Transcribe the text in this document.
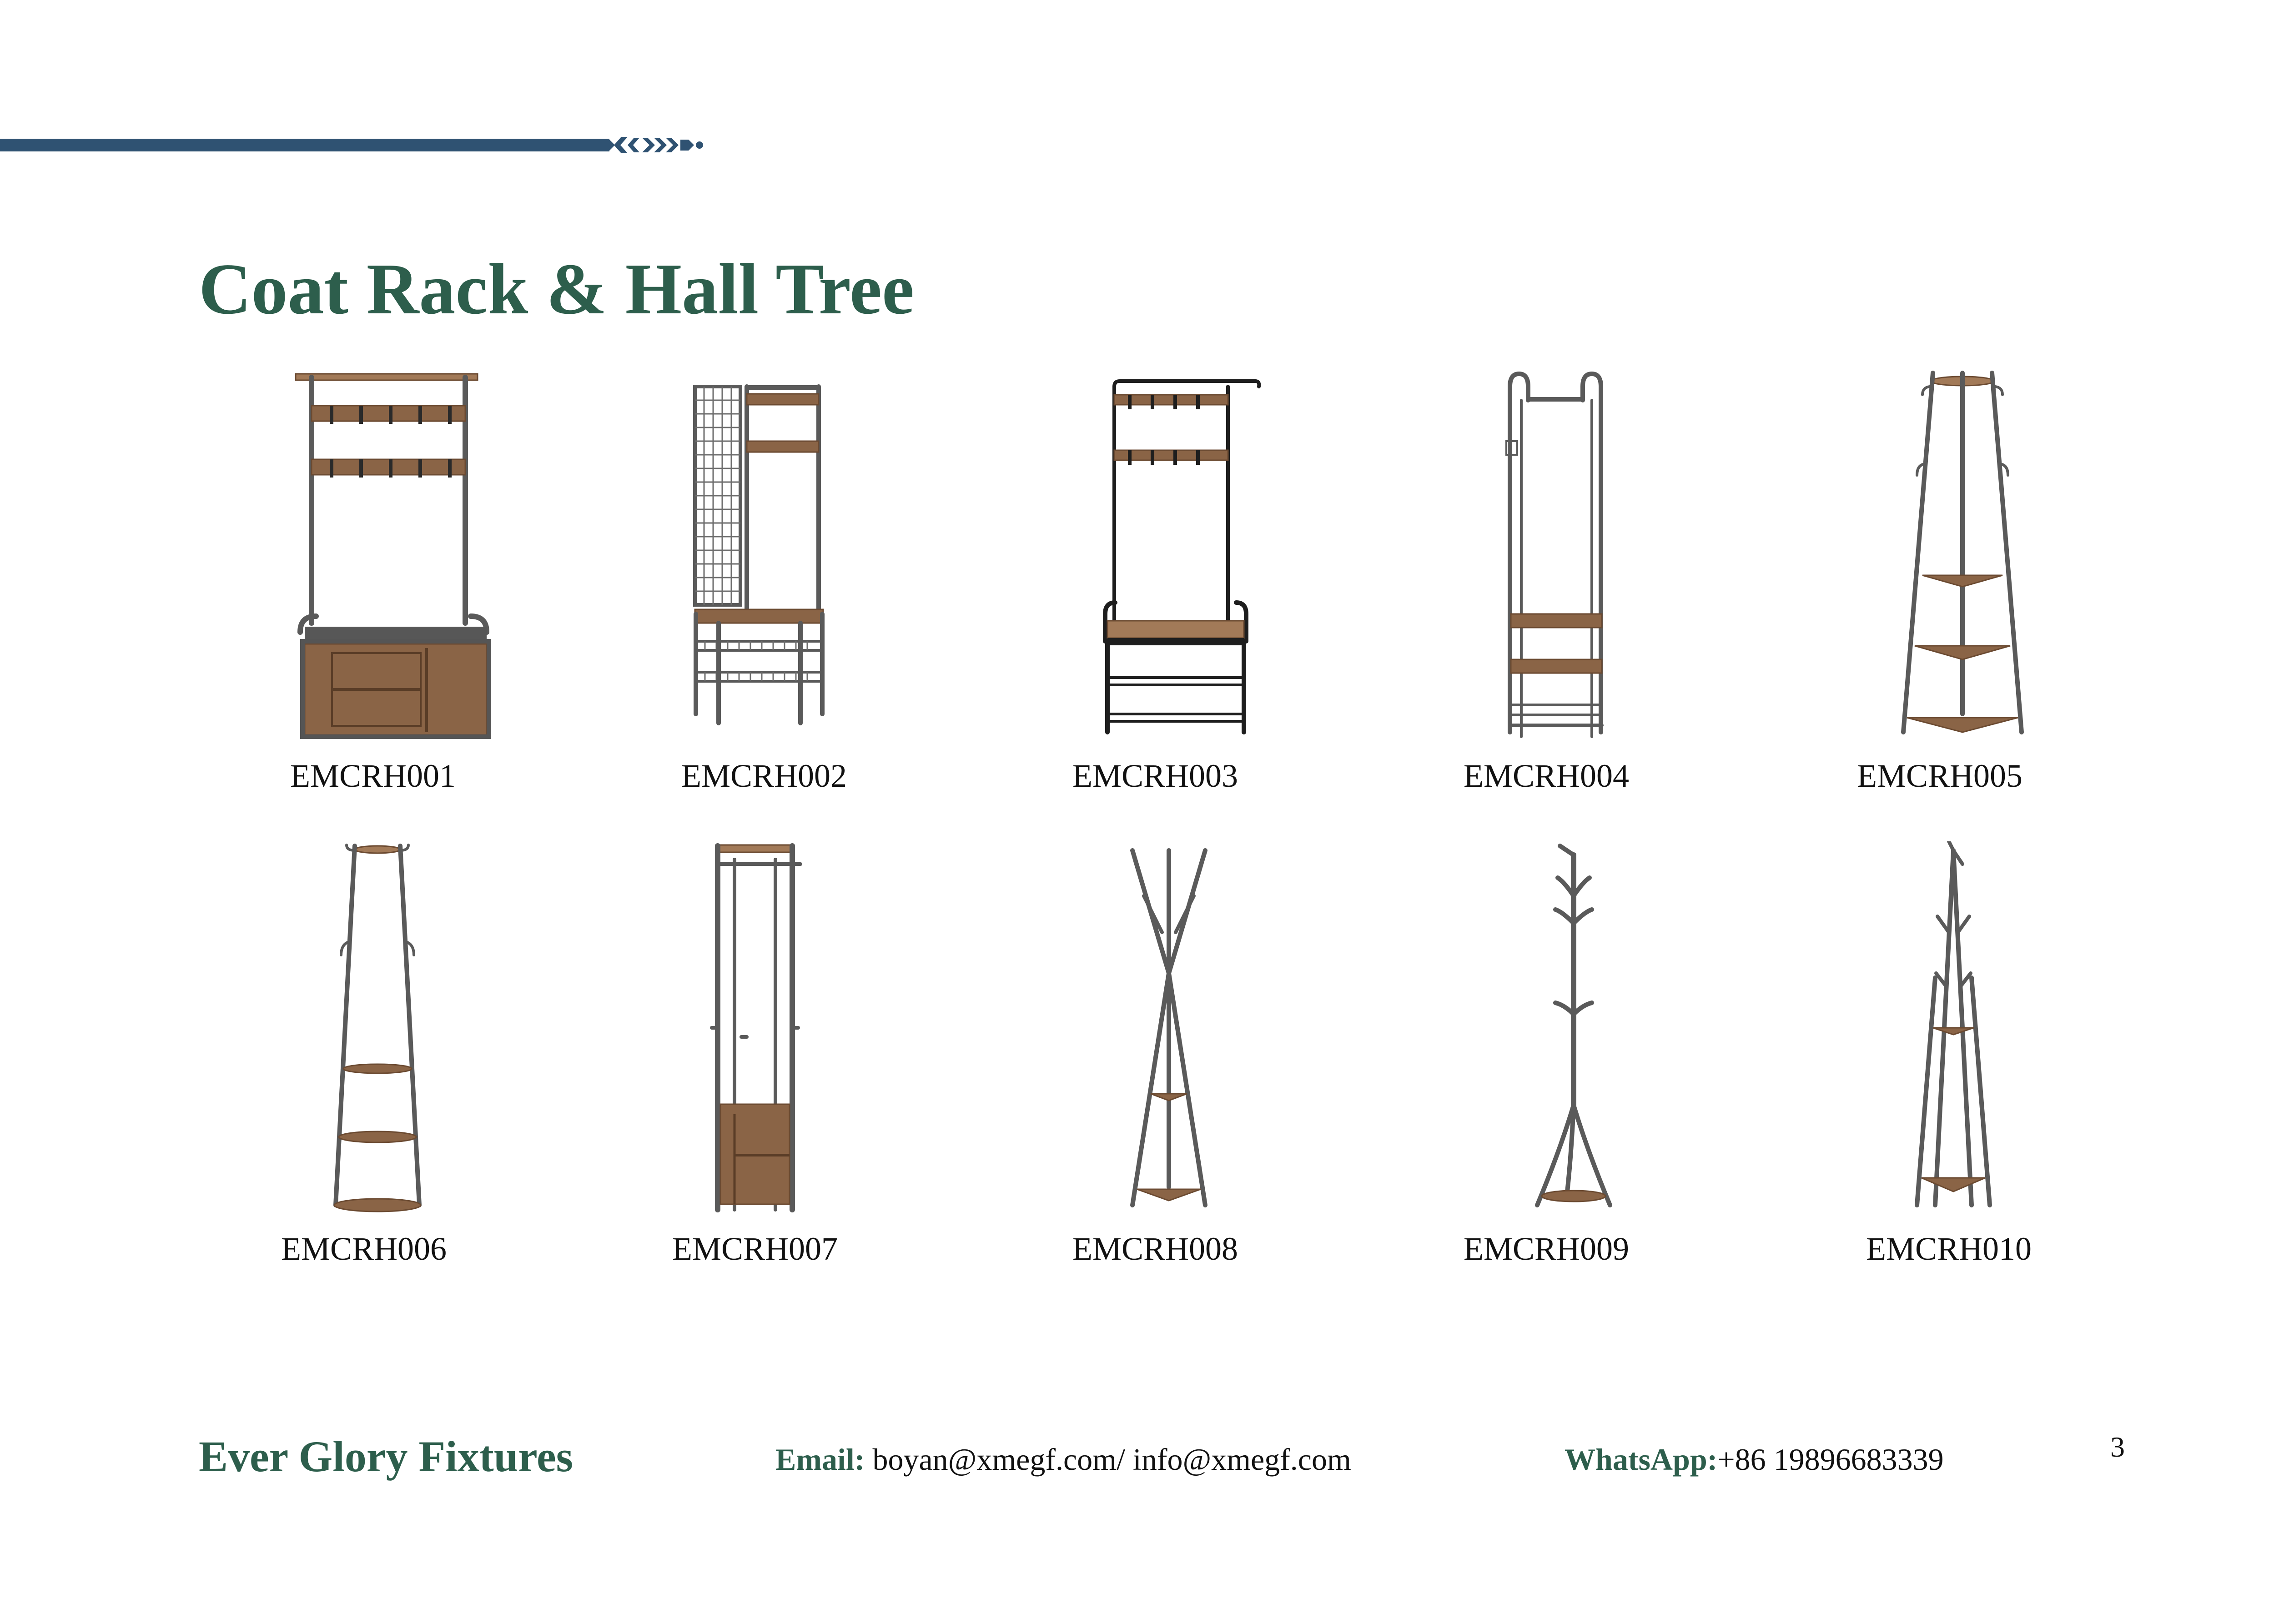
Coat Rack & Hall Tree
EMCRH001	EMCRH002	EMCRH003	EMCRH004	EMCRH005
EMCRH006	EMCRH007	EMCRH008	EMCRH009	EMCRH010
Ever Glory Fixtures	Email: boyan@xmegf.com/ info@xmegf.com	WhatsApp:+86 19896683339	3
